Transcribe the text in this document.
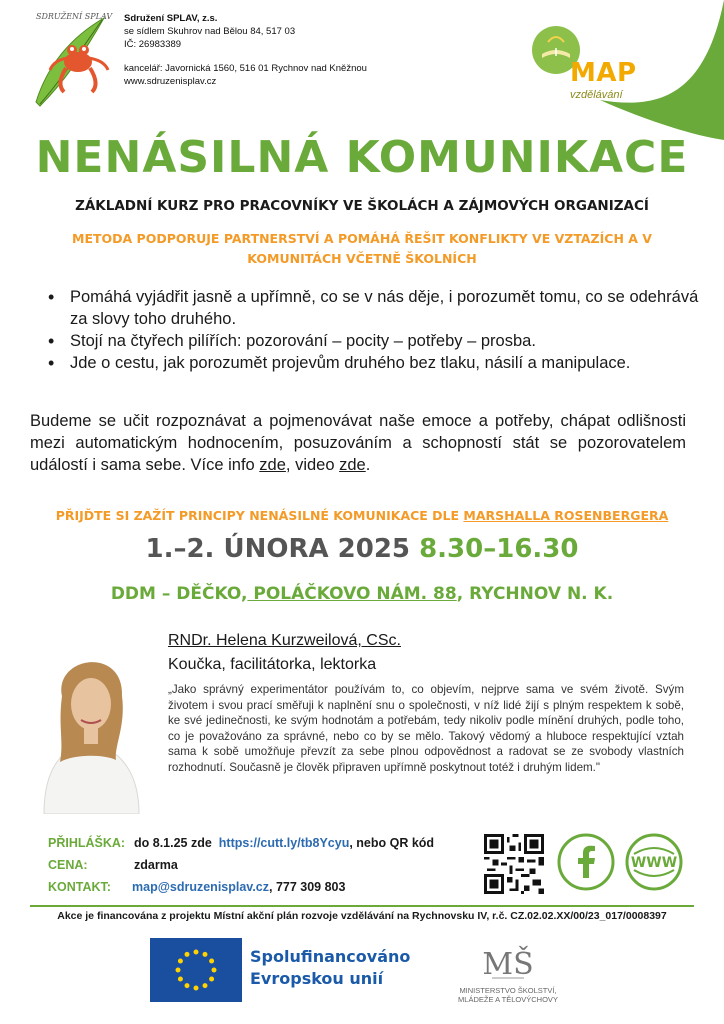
SDRUŽENÍ SPLAV Sdružení SPLAV, z.s.
se sídlem Skuhrov nad Bělou 84, 517 03
IČ: 26983389
kancelář: Javornická 1560, 516 01 Rychnov nad Kněžnou
www.sdruzenisplav.cz	MAP
vzdělávání
NENÁSILNÁ KOMUNIKACE
ZÁKLADNÍ KURZ PRO PRACOVNÍKY VE ŠKOLÁCH A ZÁJMOVÝCH ORGANIZACÍ
METODA PODPORUJE PARTNERSTVÍ A POMÁHÁ ŘEŠIT KONFLIKTY VE VZTAZÍCH A V KOMUNITÁCH VČETNĚ ŠKOLNÍCH
• Pomáhá vyjádřit jasně a upřímně, co se v nás děje, i porozumět tomu, co se odehrává za slovy toho druhého.
• Stojí na čtyřech pilířích: pozorování – pocity – potřeby – prosba.
• Jde o cestu, jak porozumět projevům druhého bez tlaku, násilí a manipulace.
Budeme se učit rozpoznávat a pojmenovávat naše emoce a potřeby, chápat odlišnosti mezi automatickým hodnocením, posuzováním a schopností stát se pozorovatelem událostí i sama sebe. Více info zde, video zde.
PŘIJĎTE SI ZAŽÍT PRINCIPY NENÁSILNÉ KOMUNIKACE DLE MARSHALLA ROSENBERGERA
1.–2. ÚNORA 2025 8.30–16.30
DDM – DĚČKO, POLÁČKOVO NÁM. 88, RYCHNOV N. K.
RNDr. Helena Kurzweilová, CSc.
Koučka, facilitátorka, lektorka
„Jako správný experimentátor používám to, co objevím, nejprve sama ve svém životě. Svým životem i svou prací směřuji k naplnění snu o společnosti, v níž lidé žijí s plným respektem k sobě, ke své jedinečnosti, ke svým hodnotám a potřebám, tedy nikoliv podle mínění druhých, podle toho, co je považováno za správné, nebo co by se mělo. Takový vědomý a hluboce respektující vztah sama k sobě umožňuje převzít za sebe plnou odpovědnost a radovat se ze svobody vlastních rozhodnutí. Současně je člověk připraven upřímně poskytnout totéž i druhým lidem."
PŘIHLÁŠKA: do 8.1.25 zde https://cutt.ly/tb8Ycyu, nebo QR kód
CENA:	zdarma
KONTAKT: map@sdruzenisplav.cz, 777 309 803
WWW
Akce je financována z projektu Místní akční plán rozvoje vzdělávání na Rychnovsku IV, r.č. CZ.02.02.XX/00/23_017/0008397
Spolufinancováno
Evropskou unií	MŠ
MINISTERSTVO ŠKOLSTVÍ,
MLÁDEŽE A TĚLOVÝCHOVY
